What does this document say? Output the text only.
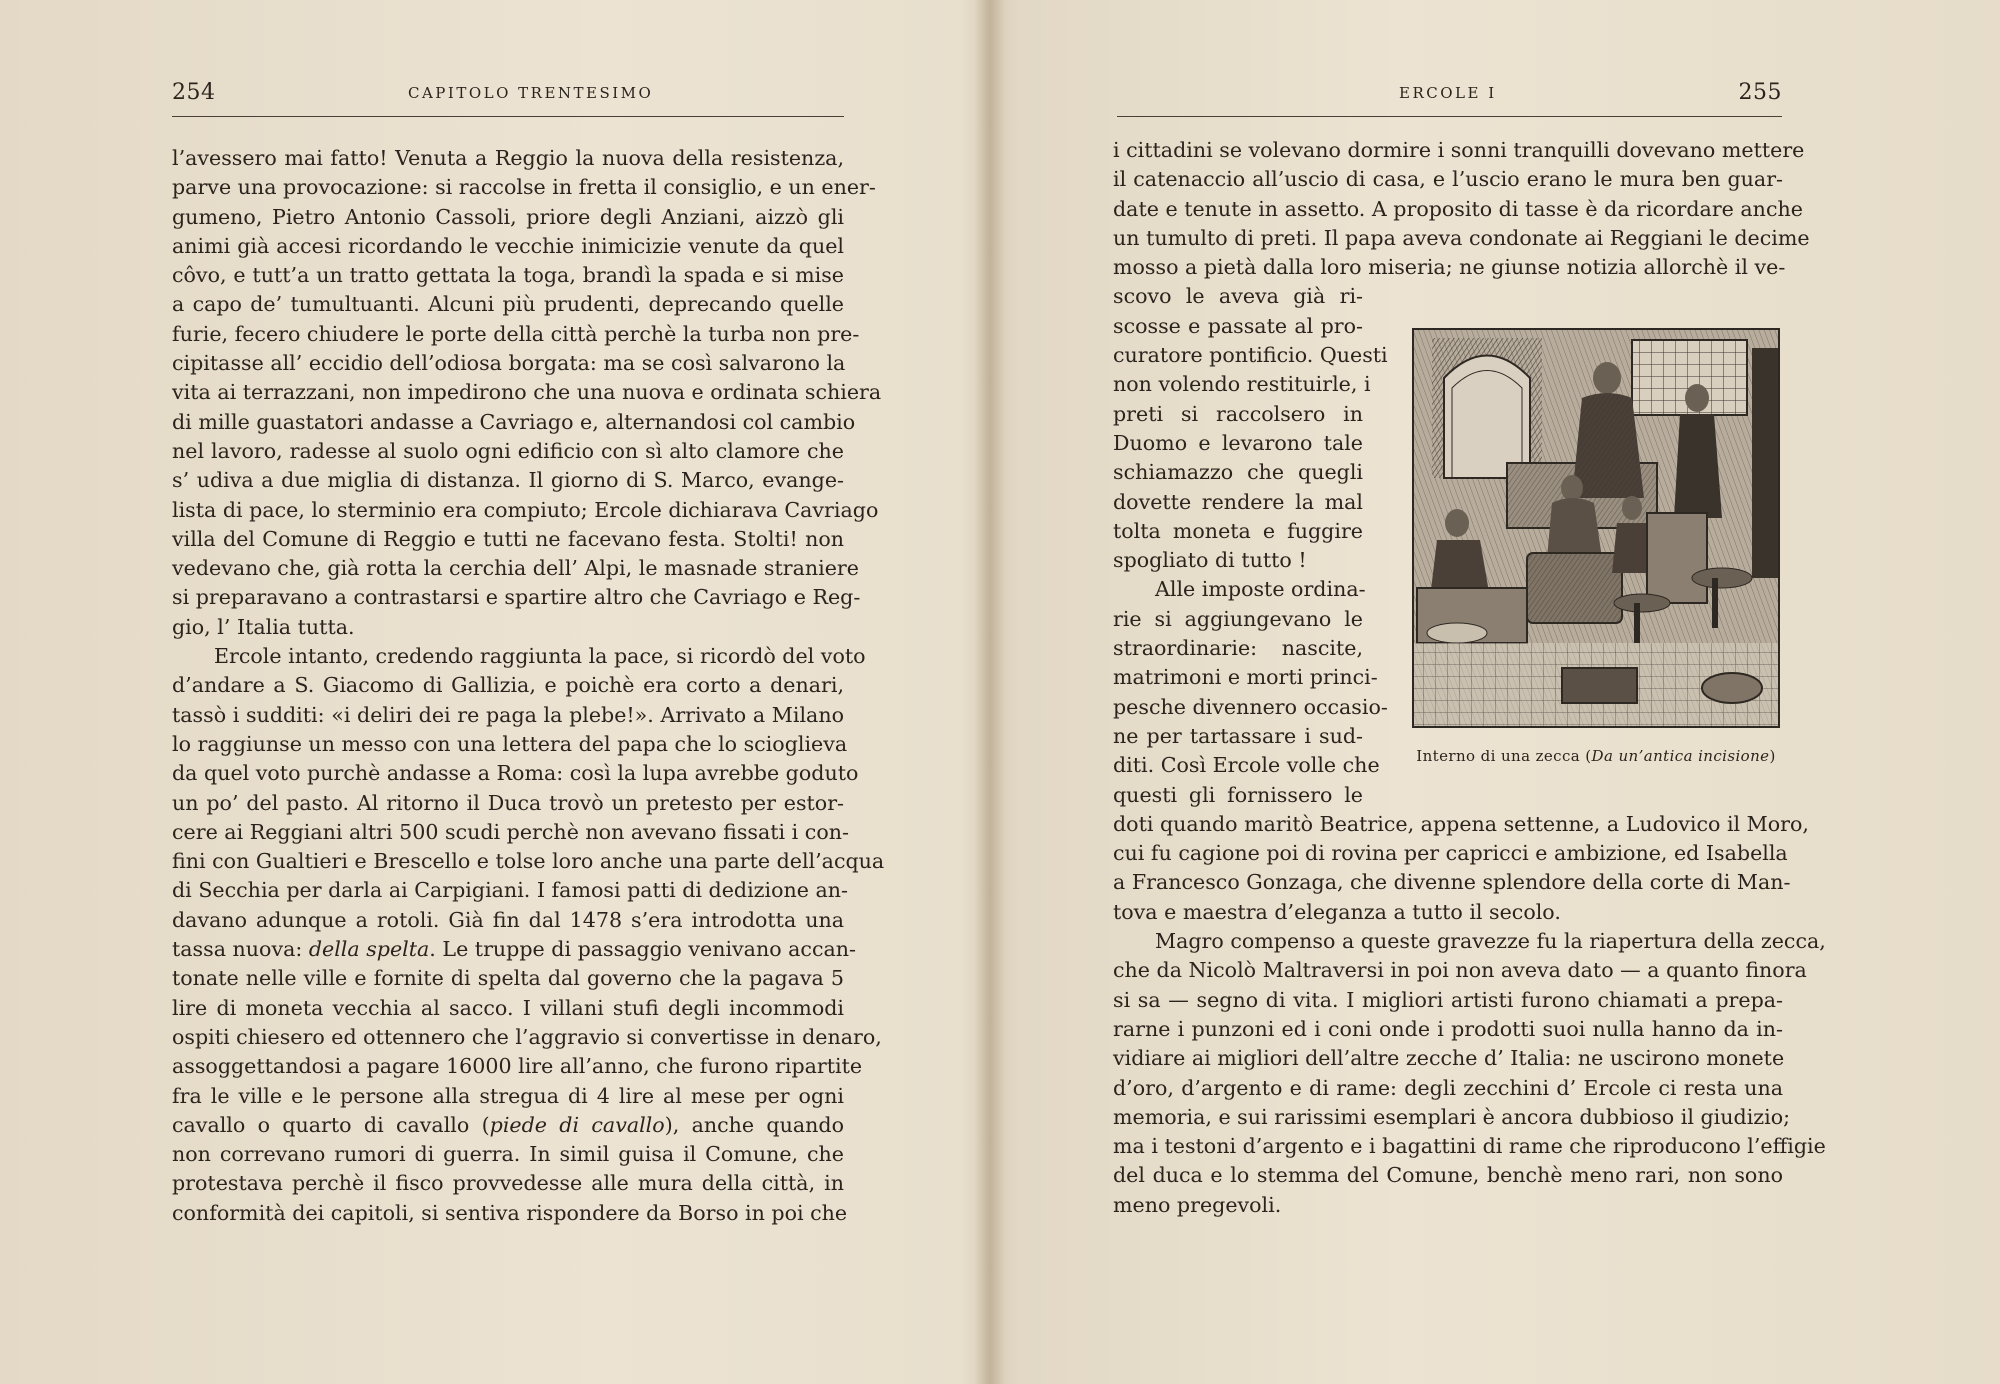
254	CAPITOLO TRENTESIMO
l’avessero mai fatto! Venuta a Reggio la nuova della resistenza,
parve una provocazione: si raccolse in fretta il consiglio, e un ener-
gumeno, Pietro Antonio Cassoli, priore degli Anziani, aizzò gli
animi già accesi ricordando le vecchie inimicizie venute da quel
côvo, e tutt’a un tratto gettata la toga, brandì la spada e si mise
a capo de’ tumultuanti. Alcuni più prudenti, deprecando quelle
furie, fecero chiudere le porte della città perchè la turba non pre-
cipitasse all’ eccidio dell’odiosa borgata: ma se così salvarono la
vita ai terrazzani, non impedirono che una nuova e ordinata schiera
di mille guastatori andasse a Cavriago e, alternandosi col cambio
nel lavoro, radesse al suolo ogni edificio con sì alto clamore che
s’ udiva a due miglia di distanza. Il giorno di S. Marco, evange-
lista di pace, lo sterminio era compiuto; Ercole dichiarava Cavriago
villa del Comune di Reggio e tutti ne facevano festa. Stolti! non
vedevano che, già rotta la cerchia dell’ Alpi, le masnade straniere
si preparavano a contrastarsi e spartire altro che Cavriago e Reg-
gio, l’ Italia tutta.
Ercole intanto, credendo raggiunta la pace, si ricordò del voto
d’andare a S. Giacomo di Gallizia, e poichè era corto a denari,
tassò i sudditi: «i deliri dei re paga la plebe!». Arrivato a Milano
lo raggiunse un messo con una lettera del papa che lo scioglieva
da quel voto purchè andasse a Roma: così la lupa avrebbe goduto
un po’ del pasto. Al ritorno il Duca trovò un pretesto per estor-
cere ai Reggiani altri 500 scudi perchè non avevano fissati i con-
fini con Gualtieri e Brescello e tolse loro anche una parte dell’acqua
di Secchia per darla ai Carpigiani. I famosi patti di dedizione an-
davano adunque a rotoli. Già fin dal 1478 s’era introdotta una
tassa nuova: della spelta. Le truppe di passaggio venivano accan-
tonate nelle ville e fornite di spelta dal governo che la pagava 5
lire di moneta vecchia al sacco. I villani stufi degli incommodi
ospiti chiesero ed ottennero che l’aggravio si convertisse in denaro,
assoggettandosi a pagare 16000 lire all’anno, che furono ripartite
fra le ville e le persone alla stregua di 4 lire al mese per ogni
cavallo o quarto di cavallo (piede di cavallo), anche quando
non correvano rumori di guerra. In simil guisa il Comune, che
protestava perchè il fisco provvedesse alle mura della città, in
conformità dei capitoli, si sentiva rispondere da Borso in poi che
ERCOLE I	255
i cittadini se volevano dormire i sonni tranquilli dovevano mettere
il catenaccio all’uscio di casa, e l’uscio erano le mura ben guar-
date e tenute in assetto. A proposito di tasse è da ricordare anche
un tumulto di preti. Il papa aveva condonate ai Reggiani le decime
mosso a pietà dalla loro miseria; ne giunse notizia allorchè il ve-
scovo le aveva già ri-
scosse e passate al pro-
curatore pontificio. Questi
non volendo restituirle, i
preti si raccolsero in
Duomo e levarono tale
schiamazzo che quegli
dovette rendere la mal
tolta moneta e fuggire
spogliato di tutto !
Alle imposte ordina-
rie si aggiungevano le
straordinarie: nascite,
matrimoni e morti princi-
pesche divennero occasio-
ne per tartassare i sud-
diti. Così Ercole volle che
questi gli fornissero le
doti quando maritò Beatrice, appena settenne, a Ludovico il Moro,
cui fu cagione poi di rovina per capricci e ambizione, ed Isabella
a Francesco Gonzaga, che divenne splendore della corte di Man-
tova e maestra d’eleganza a tutto il secolo.
Magro compenso a queste gravezze fu la riapertura della zecca,
che da Nicolò Maltraversi in poi non aveva dato — a quanto finora
si sa — segno di vita. I migliori artisti furono chiamati a prepa-
rarne i punzoni ed i coni onde i prodotti suoi nulla hanno da in-
vidiare ai migliori dell’altre zecche d’ Italia: ne uscirono monete
d’oro, d’argento e di rame: degli zecchini d’ Ercole ci resta una
memoria, e sui rarissimi esemplari è ancora dubbioso il giudizio;
ma i testoni d’argento e i bagattini di rame che riproducono l’effigie
del duca e lo stemma del Comune, benchè meno rari, non sono
meno pregevoli.
Interno di una zecca (Da un’antica incisione)
